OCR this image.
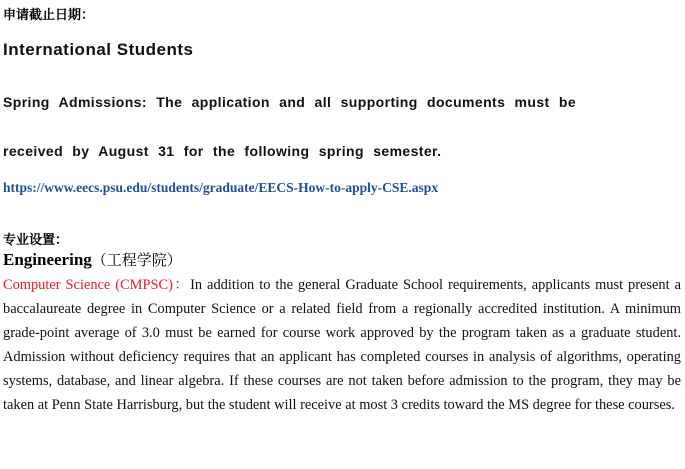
申请截止日期：
International Students
Spring Admissions: The application and all supporting documents must be
received by August 31 for the following spring semester.
https://www.eecs.psu.edu/students/graduate/EECS-How-to-apply-CSE.aspx
专业设置：
Engineering（工程学院）
Computer Science (CMPSC)：In addition to the general Graduate School requirements, applicants must present a baccalaureate degree in Computer Science or a related field from a regionally accredited institution. A minimum grade-point average of 3.0 must be earned for course work approved by the program taken as a graduate student. Admission without deficiency requires that an applicant has completed courses in analysis of algorithms, operating systems, database, and linear algebra. If these courses are not taken before admission to the program, they may be taken at Penn State Harrisburg, but the student will receive at most 3 credits toward the MS degree for these courses.
